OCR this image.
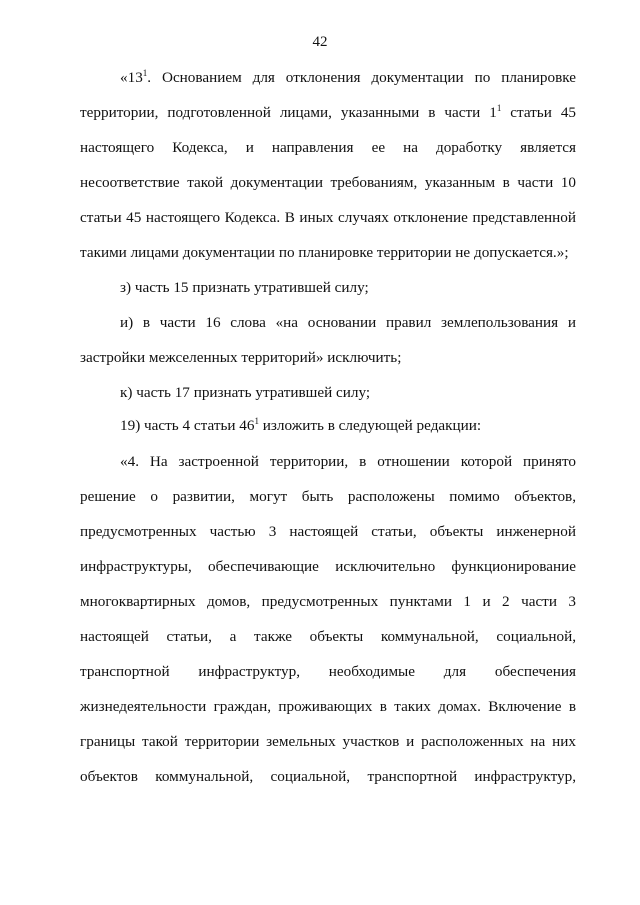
42
«$13^1$. Основанием для отклонения документации по планировке
территории, подготовленной лицами, указанными в части $1^1$ статьи 45
настоящего Кодекса, и направления ее на доработку является
несоответствие такой документации требованиям, указанным в части 10
статьи 45 настоящего Кодекса. В иных случаях отклонение представленной
такими лицами документации по планировке территории не допускается.»;
з) часть 15 признать утратившей силу;
и) в части 16 слова «на основании правил землепользования и
застройки межселенных территорий» исключить;
к) часть 17 признать утратившей силу;
19) часть 4 статьи $46^1$ изложить в следующей редакции:
«4. На застроенной территории, в отношении которой принято
решение о развитии, могут быть расположены помимо объектов,
предусмотренных частью 3 настоящей статьи, объекты инженерной
инфраструктуры, обеспечивающие исключительно функционирование
многоквартирных домов, предусмотренных пунктами 1 и 2 части 3
настоящей статьи, а также объекты коммунальной, социальной,
транспортной инфраструктур, необходимые для обеспечения
жизнедеятельности граждан, проживающих в таких домах. Включение в
границы такой территории земельных участков и расположенных на них
объектов коммунальной, социальной, транспортной инфраструктур,
